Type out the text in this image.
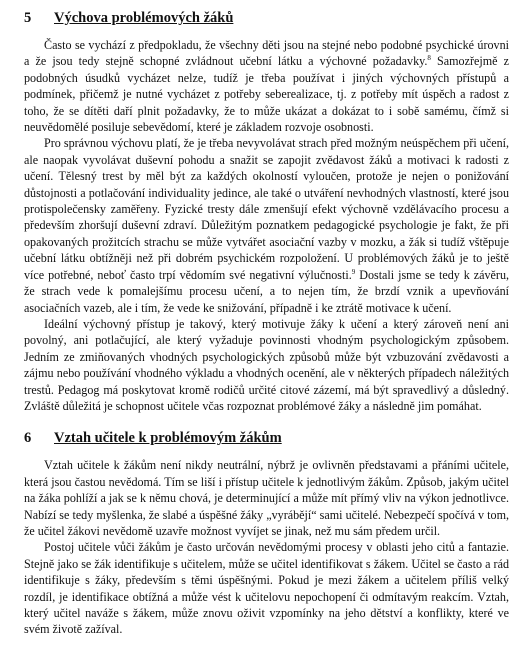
5	Výchova problémových žáků

Často se vychází z předpokladu, že všechny děti jsou na stejné nebo podobné psychické úrovni a že jsou tedy stejně schopné zvládnout učební látku a výchovné požadavky.$^8$ Samozřejmě z podobných úsudků vycházet nelze, tudíž je třeba používat i jiných výchovných přístupů a podmínek, přičemž je nutné vycházet z potřeby seberealizace, tj. z potřeby mít úspěch a radost z toho, že se dítěti daří plnit požadavky, že to může ukázat a dokázat to i sobě samému, čímž si neuvědomělé posiluje sebevědomí, které je základem rozvoje osobnosti.

Pro správnou výchovu platí, že je třeba nevyvolávat strach před možným neúspěchem při učení, ale naopak vyvolávat duševní pohodu a snažit se zapojit zvědavost žáků a motivaci k radosti z učení. Tělesný trest by měl být za každých okolností vyloučen, protože je nejen o ponižování důstojnosti a potlačování individuality jedince, ale také o utváření nevhodných vlastností, které jsou protispolečensky zaměřeny. Fyzické tresty dále zmenšují efekt výchovně vzdělávacího procesu a především zhoršují duševní zdraví. Důležitým poznatkem pedagogické psychologie je fakt, že při opakovaných prožitcích strachu se může vytvářet asociační vazby v mozku, a žák si tudíž vštěpuje učební látku obtížněji než při dobrém psychickém rozpoložení. U problémových žáků je to ještě více potřebné, neboť často trpí vědomím své negativní výlučnosti.$^9$ Dostali jsme se tedy k závěru, že strach vede k pomalejšímu procesu učení, a to nejen tím, že brzdí vznik a upevňování asociačních vazeb, ale i tím, že vede ke snižování, případně i ke ztrátě motivace k učení.

Ideální výchovný přístup je takový, který motivuje žáky k učení a který zároveň není ani povolný, ani potlačující, ale který vyžaduje povinnosti vhodným psychologickým způsobem. Jedním ze zmiňovaných vhodných psychologických způsobů může být vzbuzování zvědavosti a zájmu nebo používání vhodného výkladu a vhodných ocenění, ale v některých případech náležitých trestů. Pedagog má poskytovat kromě rodičů určité citové zázemí, má být spravedlivý a důsledný. Zvláště důležitá je schopnost učitele včas rozpoznat problémové žáky a následně jim pomáhat.

6	Vztah učitele k problémovým žákům

Vztah učitele k žákům není nikdy neutrální, nýbrž je ovlivněn představami a přáními učitele, která jsou častou nevědomá. Tím se liší i přístup učitele k jednotlivým žákům. Způsob, jakým učitel na žáka pohlíží a jak se k němu chová, je determinující a může mít přímý vliv na výkon jednotlivce. Nabízí se tedy myšlenka, že slabé a úspěšné žáky „vyrábějí“ sami učitelé. Nebezpečí spočívá v tom, že učitel žákovi nevědomě uzavře možnost vyvíjet se jinak, než mu sám předem určil.

Postoj učitele vůči žákům je často určován nevědomými procesy v oblasti jeho citů a fantazie. Stejně jako se žák identifikuje s učitelem, může se učitel identifikovat s žákem. Učitel se často a rád identifikuje s žáky, především s těmi úspěšnými. Pokud je mezi žákem a učitelem příliš velký rozdíl, je identifikace obtížná a může vést k učitelovu nepochopení či odmítavým reakcím. Vztah, který učitel naváže s žákem, může znovu oživit vzpomínky na jeho dětství a konflikty, které ve svém životě zažíval.
